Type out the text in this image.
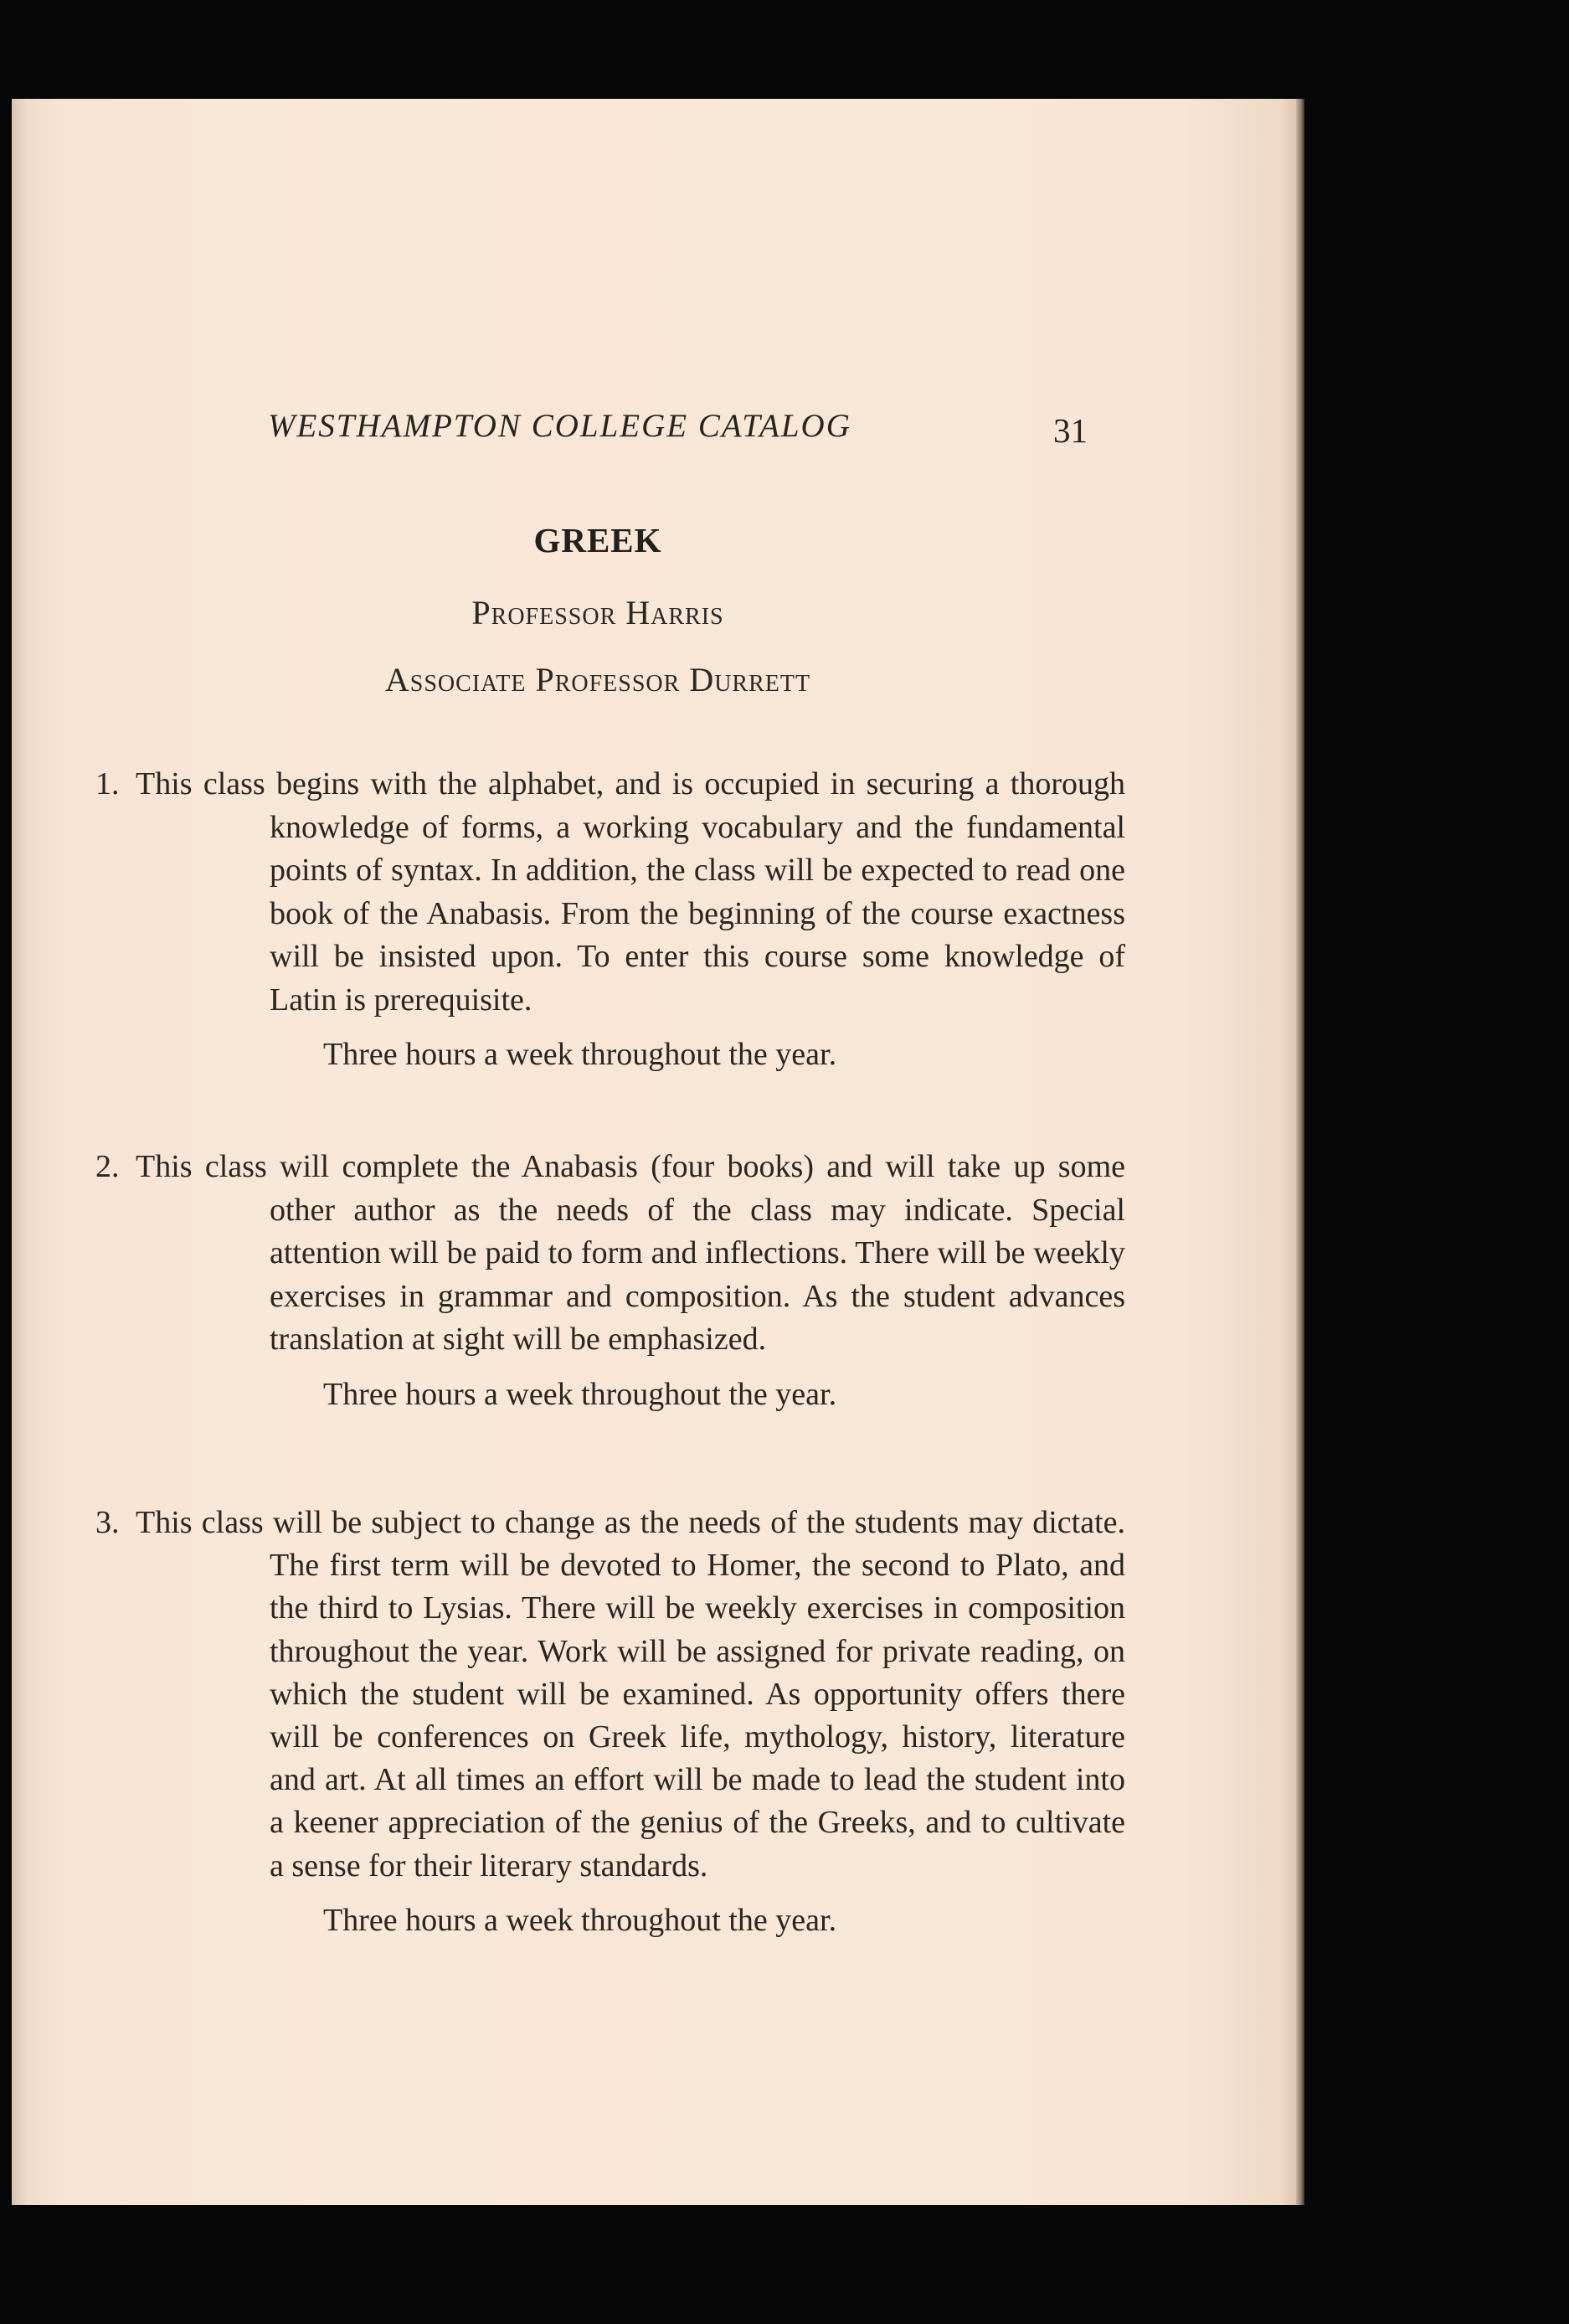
WESTHAMPTON COLLEGE CATALOG	31
GREEK
Professor Harris
Associate Professor Durrett
1. This class begins with the alphabet, and is occupied in securing a thorough knowledge of forms, a working vocabulary and the fundamental points of syntax. In addition, the class will be expected to read one book of the Anabasis. From the beginning of the course exactness will be insisted upon. To enter this course some knowledge of Latin is prerequisite.
Three hours a week throughout the year.
2. This class will complete the Anabasis (four books) and will take up some other author as the needs of the class may indicate. Special attention will be paid to form and inflections. There will be weekly exercises in grammar and composition. As the student advances translation at sight will be emphasized.
Three hours a week throughout the year.
3. This class will be subject to change as the needs of the students may dictate. The first term will be devoted to Homer, the second to Plato, and the third to Lysias. There will be weekly exercises in composition throughout the year. Work will be assigned for private reading, on which the student will be examined. As opportunity offers there will be conferences on Greek life, mythology, history, literature and art. At all times an effort will be made to lead the student into a keener appreciation of the genius of the Greeks, and to cultivate a sense for their literary standards.
Three hours a week throughout the year.
